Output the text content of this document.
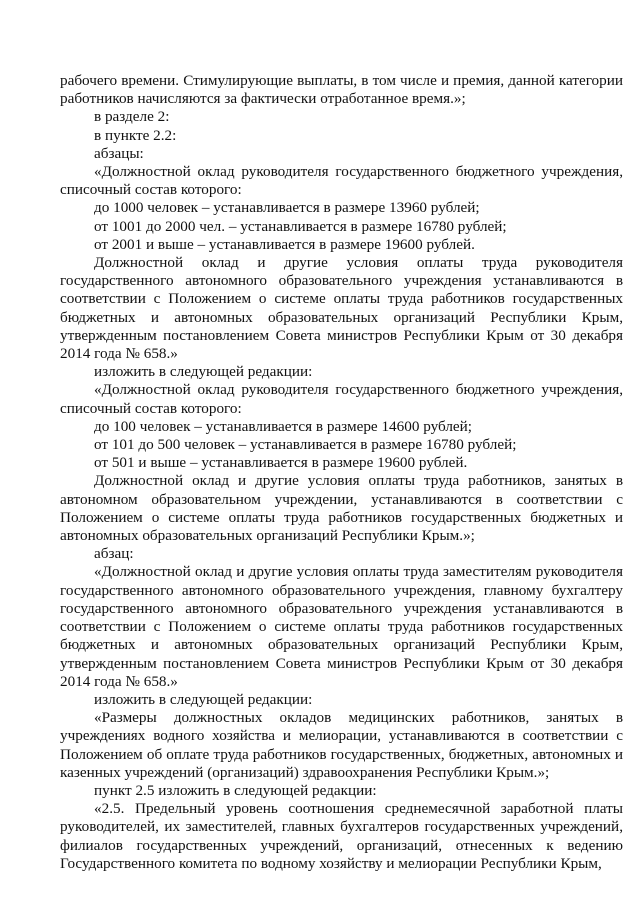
рабочего времени. Стимулирующие выплаты, в том числе и премия, данной категории работников начисляются за фактически отработанное время.»;

в разделе 2:

в пункте 2.2:

абзацы:

«Должностной оклад руководителя государственного бюджетного учреждения, списочный состав которого:

до 1000 человек – устанавливается в размере 13960 рублей;

от 1001 до 2000 чел. – устанавливается в размере 16780 рублей;

от 2001 и выше – устанавливается в размере 19600 рублей.

Должностной оклад и другие условия оплаты труда руководителя государственного автономного образовательного учреждения устанавливаются в соответствии с Положением о системе оплаты труда работников государственных бюджетных и автономных образовательных организаций Республики Крым, утвержденным постановлением Совета министров Республики Крым от 30 декабря 2014 года № 658.»

изложить в следующей редакции:

«Должностной оклад руководителя государственного бюджетного учреждения, списочный состав которого:

до 100 человек – устанавливается в размере 14600 рублей;

от 101 до 500 человек – устанавливается в размере 16780 рублей;

от 501 и выше – устанавливается в размере 19600 рублей.

Должностной оклад и другие условия оплаты труда работников, занятых в автономном образовательном учреждении, устанавливаются в соответствии с Положением о системе оплаты труда работников государственных бюджетных и автономных образовательных организаций Республики Крым.»;

абзац:

«Должностной оклад и другие условия оплаты труда заместителям руководителя государственного автономного образовательного учреждения, главному бухгалтеру государственного автономного образовательного учреждения устанавливаются в соответствии с Положением о системе оплаты труда работников государственных бюджетных и автономных образовательных организаций Республики Крым, утвержденным постановлением Совета министров Республики Крым от 30 декабря 2014 года № 658.»

изложить в следующей редакции:

«Размеры должностных окладов медицинских работников, занятых в учреждениях водного хозяйства и мелиорации, устанавливаются в соответствии с Положением об оплате труда работников государственных, бюджетных, автономных и казенных учреждений (организаций) здравоохранения Республики Крым.»;

пункт 2.5 изложить в следующей редакции:

«2.5. Предельный уровень соотношения среднемесячной заработной платы руководителей, их заместителей, главных бухгалтеров государственных учреждений, филиалов государственных учреждений, организаций, отнесенных к ведению Государственного комитета по водному хозяйству и мелиорации Республики Крым,
